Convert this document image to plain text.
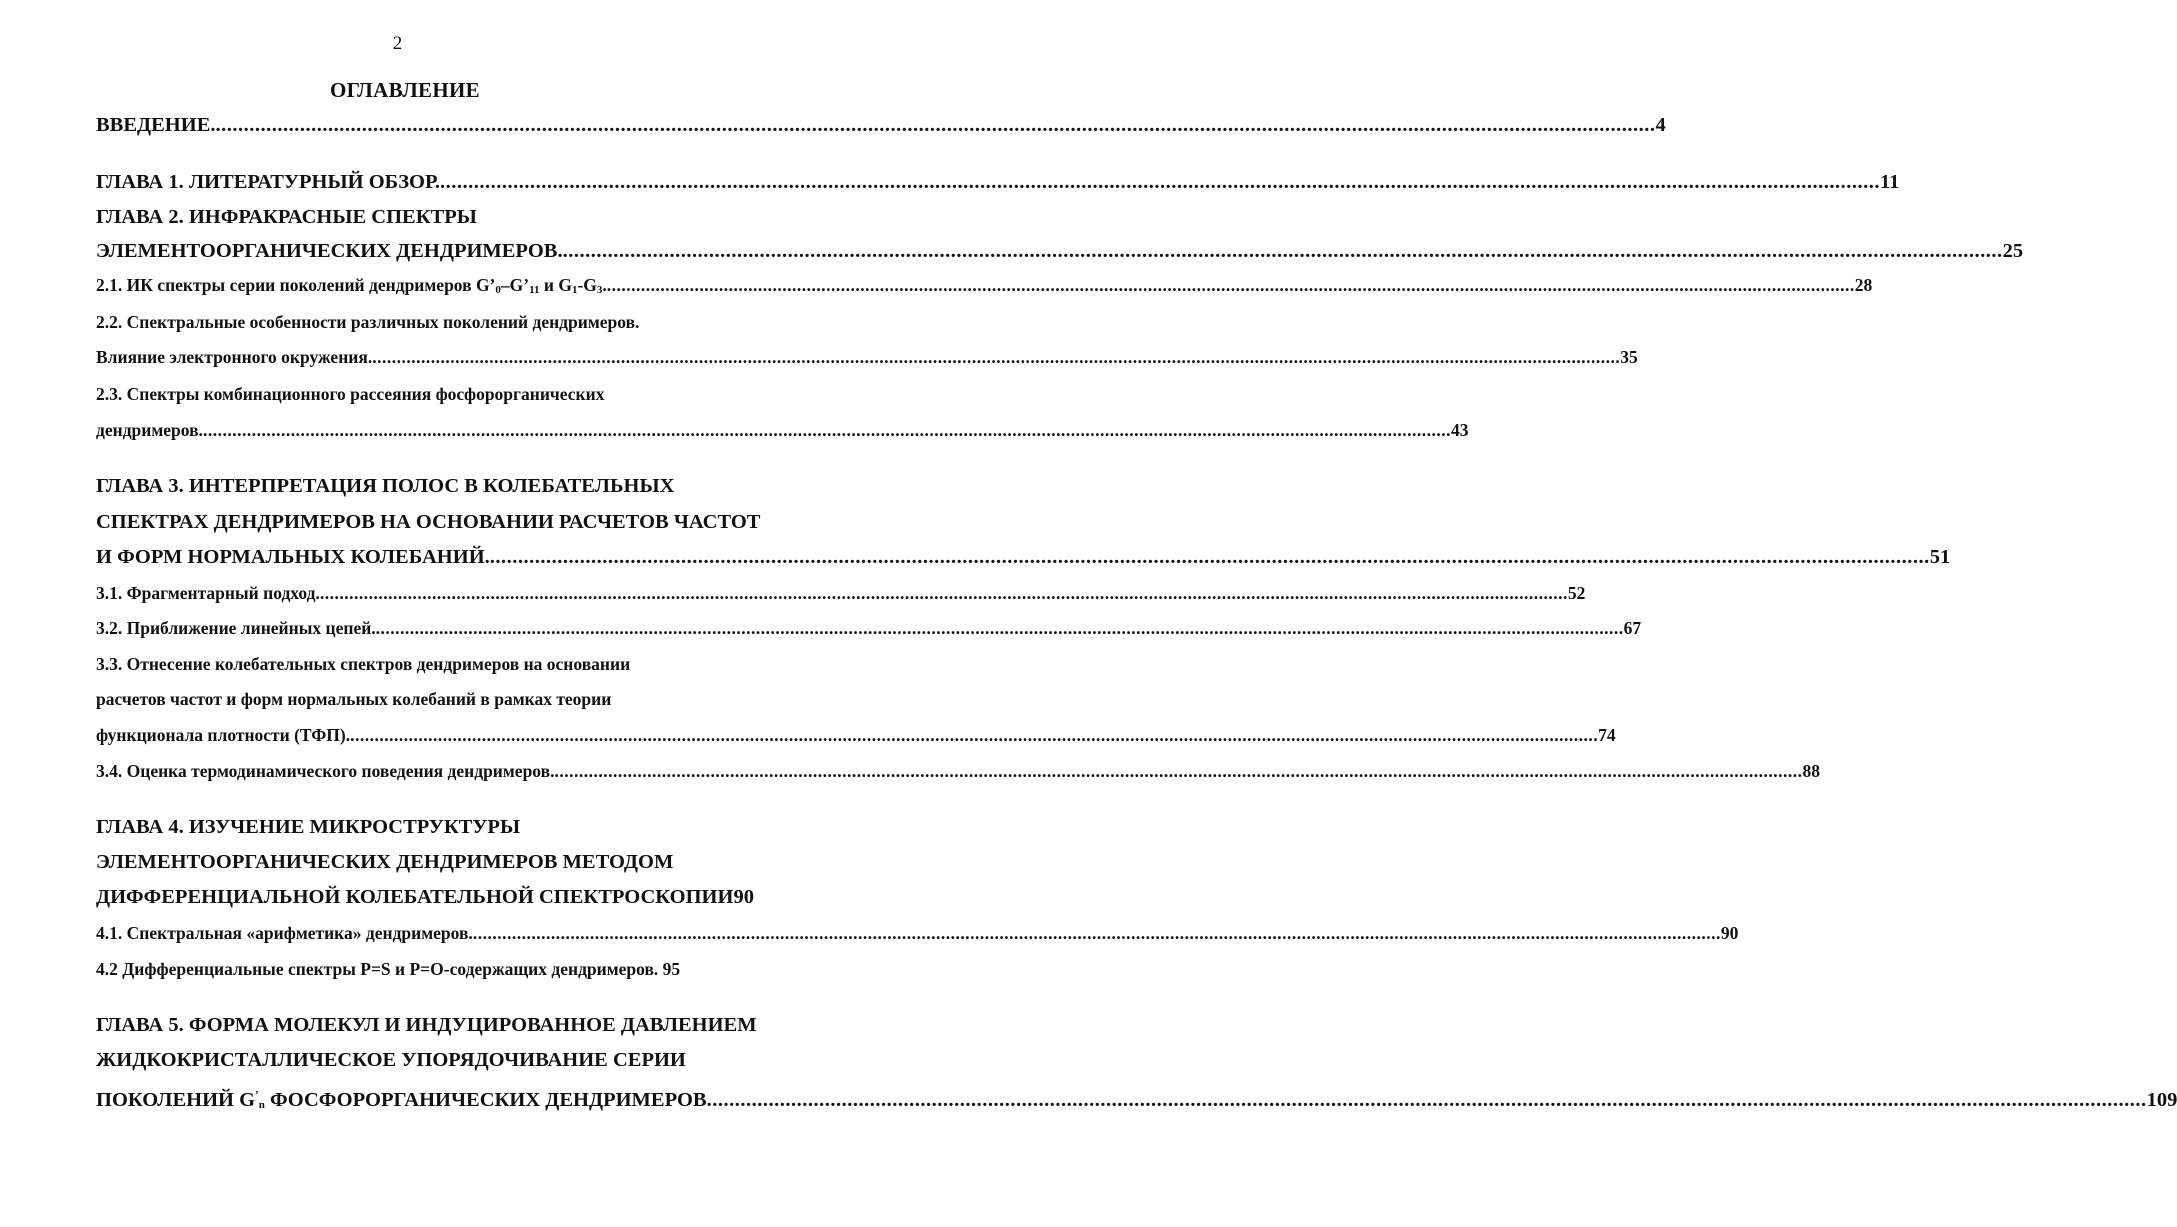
2
ОГЛАВЛЕНИЕ
ВВЕДЕНИЕ. .....	4
ГЛАВА 1. ЛИТЕРАТУРНЫЙ ОБЗОР. .....	11
ГЛАВА 2. ИНФРАКРАСНЫЕ СПЕКТРЫ
ЭЛЕМЕНТООРГАНИЧЕСКИХ ДЕНДРИМЕРОВ. .....	25
2.1. ИК спектры серии поколений дендримеров $G’_0-G’_{11}$ и $G_1-G_3$. .....	28
2.2. Спектральные особенности различных поколений дендримеров.
Влияние электронного окружения. .....	35
2.3. Спектры комбинационного рассеяния фосфорорганических
дендримеров. .....	43
ГЛАВА 3. ИНТЕРПРЕТАЦИЯ ПОЛОС В КОЛЕБАТЕЛЬНЫХ
СПЕКТРАХ ДЕНДРИМЕРОВ НА ОСНОВАНИИ РАСЧЕТОВ ЧАСТОТ
И ФОРМ НОРМАЛЬНЫХ КОЛЕБАНИЙ. .....	51
3.1. Фрагментарный подход. .....	52
3.2. Приближение линейных цепей. .....	67
3.3. Отнесение колебательных спектров дендримеров на основании
расчетов частот и форм нормальных колебаний в рамках теории
функционала плотности (ТФП). .....	74
3.4. Оценка термодинамического поведения дендримеров. .....	88
ГЛАВА 4. ИЗУЧЕНИЕ МИКРОСТРУКТУРЫ
ЭЛЕМЕНТООРГАНИЧЕСКИХ ДЕНДРИМЕРОВ МЕТОДОМ
ДИФФЕРЕНЦИАЛЬНОЙ КОЛЕБАТЕЛЬНОЙ СПЕКТРОСКОПИИ 90
4.1. Спектральная «арифметика» дендримеров. .....	90
4.2 Дифференциальные спектры P=S и P=O-содержащих дендримеров. 95
ГЛАВА 5. ФОРМА МОЛЕКУЛ И ИНДУЦИРОВАННОЕ ДАВЛЕНИЕМ
ЖИДКОКРИСТАЛЛИЧЕСКОЕ УПОРЯДОЧИВАНИЕ СЕРИИ
ПОКОЛЕНИЙ $G^’_n$ ФОСФОРОРГАНИЧЕСКИХ ДЕНДРИМЕРОВ .....	109
